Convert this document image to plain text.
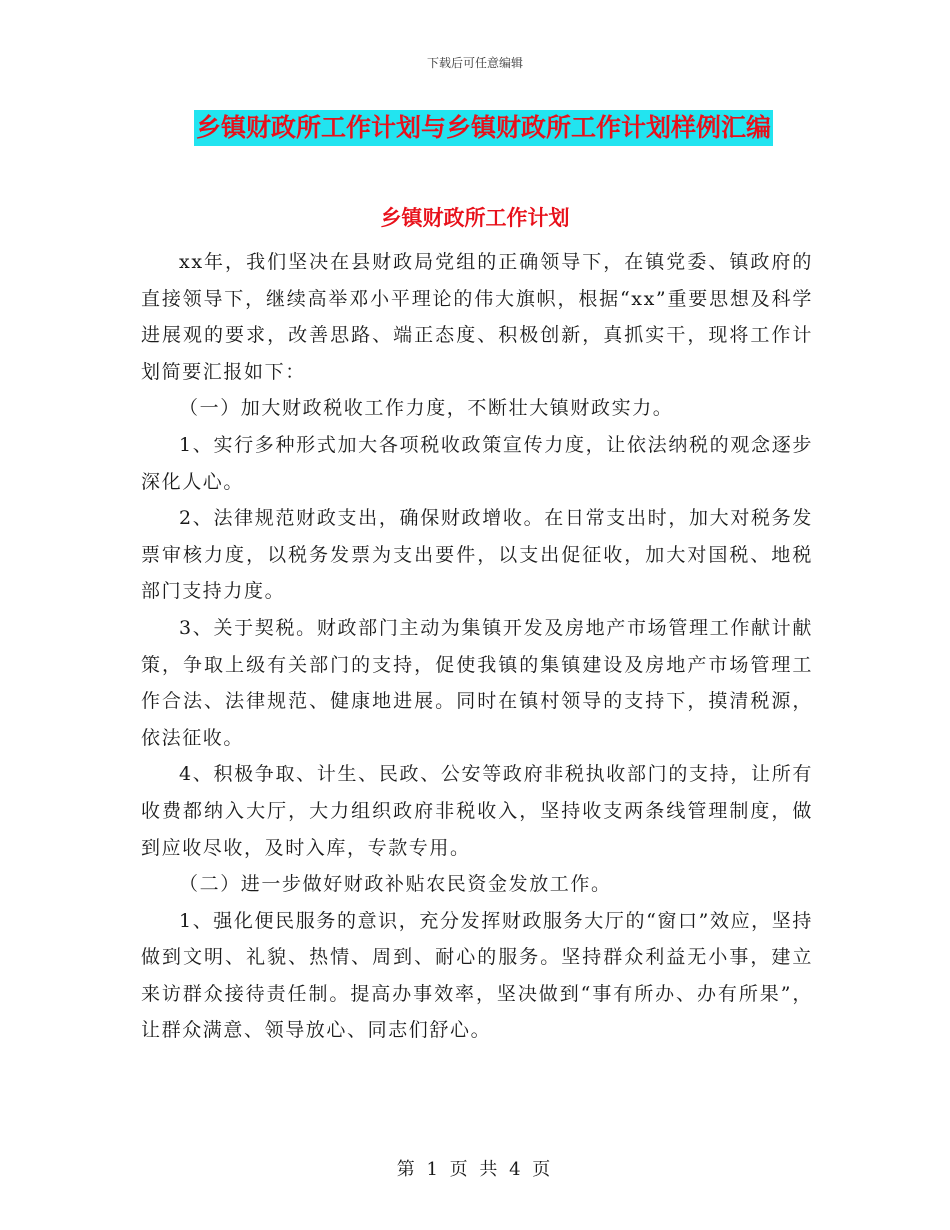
下载后可任意编辑
乡镇财政所工作计划与乡镇财政所工作计划样例汇编
乡镇财政所工作计划

xx年，我们坚决在县财政局党组的正确领导下，在镇党委、镇政府的直接领导下，继续高举邓小平理论的伟大旗帜，根据“xx”重要思想及科学进展观的要求，改善思路、端正态度、积极创新，真抓实干，现将工作计划简要汇报如下：

（一）加大财政税收工作力度，不断壮大镇财政实力。

1、实行多种形式加大各项税收政策宣传力度，让依法纳税的观念逐步深化人心。

2、法律规范财政支出，确保财政增收。在日常支出时，加大对税务发票审核力度，以税务发票为支出要件，以支出促征收，加大对国税、地税部门支持力度。

3、关于契税。财政部门主动为集镇开发及房地产市场管理工作献计献策，争取上级有关部门的支持，促使我镇的集镇建设及房地产市场管理工作合法、法律规范、健康地进展。同时在镇村领导的支持下，摸清税源，依法征收。

4、积极争取、计生、民政、公安等政府非税执收部门的支持，让所有收费都纳入大厅，大力组织政府非税收入，坚持收支两条线管理制度，做到应收尽收，及时入库，专款专用。

（二）进一步做好财政补贴农民资金发放工作。

1、强化便民服务的意识，充分发挥财政服务大厅的“窗口”效应，坚持做到文明、礼貌、热情、周到、耐心的服务。坚持群众利益无小事，建立来访群众接待责任制。提高办事效率，坚决做到“事有所办、办有所果”，让群众满意、领导放心、同志们舒心。

第 1 页 共 4 页
